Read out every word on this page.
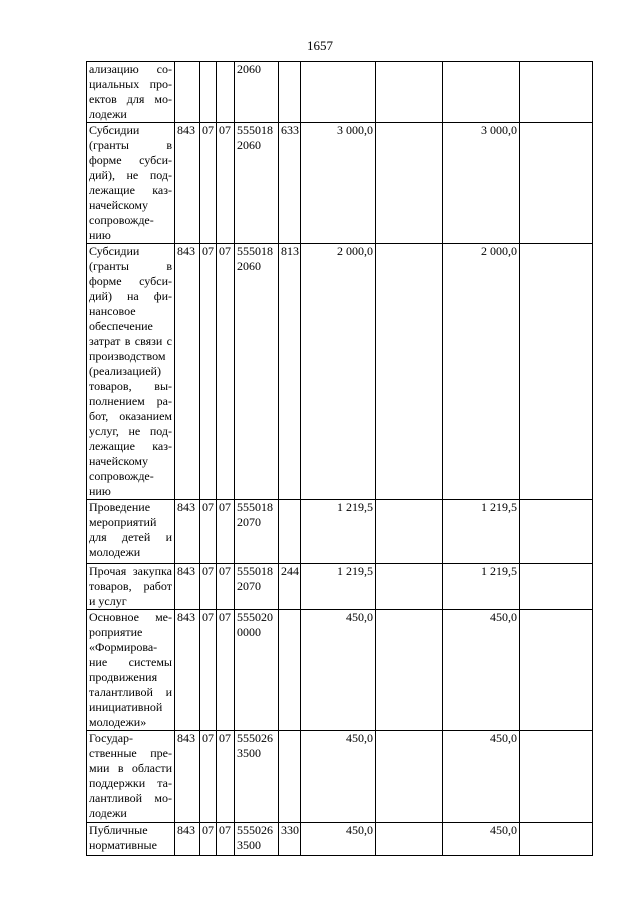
1657
ализацию со-циальных про-ектов для мо-лодежи				2060					
Субсидии (гранты в форме субси-дий), не под-лежащие каз-начейскому сопровожде-нию	843	07	07	555018 2060	633	3 000,0		3 000,0	
Субсидии (гранты в форме субси-дий) на фи-нансовое обеспечение затрат в связи с производством (реализацией) товаров, вы-полнением ра-бот, оказанием услуг, не под-лежащие каз-начейскому сопровожде-нию	843	07	07	555018 2060	813	2 000,0		2 000,0	
Проведение мероприятий для детей и молодежи	843	07	07	555018 2070		1 219,5		1 219,5	
Прочая закупка товаров, работ и услуг	843	07	07	555018 2070	244	1 219,5		1 219,5	
Основное ме-роприятие «Формирова-ние системы продвижения талантливой и инициативной молодежи»	843	07	07	555020 0000		450,0		450,0	
Государ-ственные пре-мии в области поддержки та-лантливой мо-лодежи	843	07	07	555026 3500		450,0		450,0	
Публичные нормативные	843	07	07	555026 3500	330	450,0		450,0	
